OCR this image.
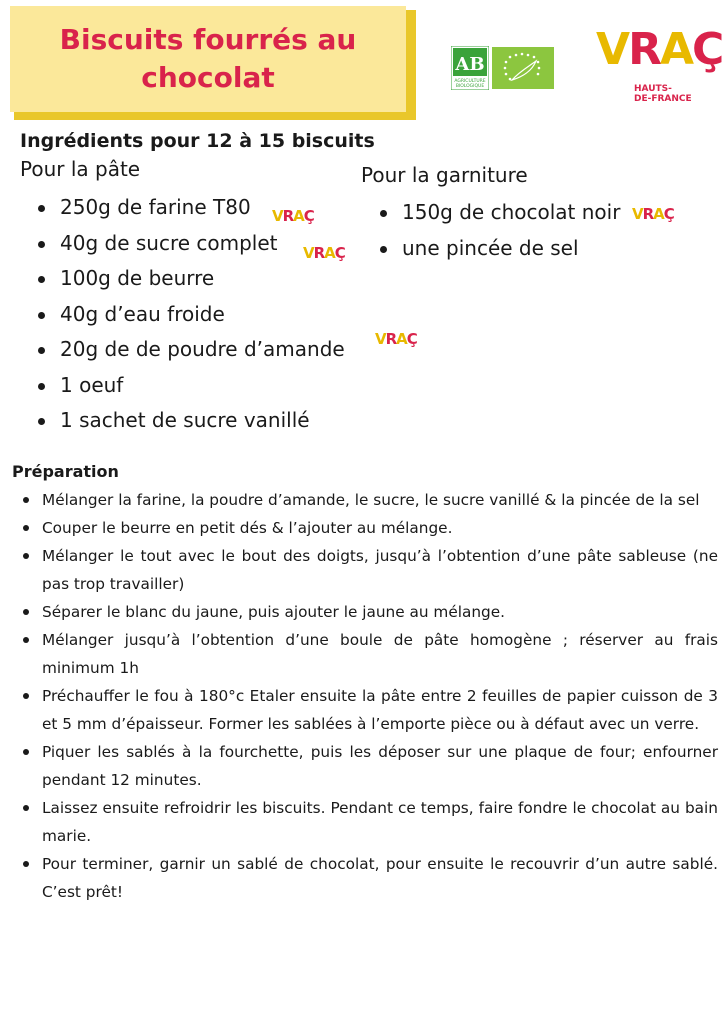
Biscuits fourrés au
chocolat	AB
AGRICULTURE
BIOLOGIQUE
VRAÇ
HAUTS-
DE-FRANCE
Ingrédients pour 12 à 15 biscuits
Pour la pâte
250g de farine T80
40g de sucre complet
100g de beurre
40g d’eau froide
20g de de poudre d’amande
1 oeuf
1 sachet de sucre vanillé
Pour la garniture
150g de chocolat noir
une pincée de sel
VRAÇ
VRAÇ
VRAÇ
VRAÇ
Préparation
Mélanger la farine, la poudre d’amande, le sucre, le sucre vanillé & la pincée de la sel
Couper le beurre en petit dés & l’ajouter au mélange.
Mélanger le tout avec le bout des doigts, jusqu’à l’obtention d’une pâte sableuse (ne pas trop travailler)
Séparer le blanc du jaune, puis ajouter le jaune au mélange.
Mélanger jusqu’à l’obtention d’une boule de pâte homogène ; réserver au frais minimum 1h
Préchauffer le fou à 180°c Etaler ensuite la pâte entre 2 feuilles de papier cuisson de 3 et 5 mm d’épaisseur. Former les sablées à l’emporte pièce ou à défaut avec un verre.
Piquer les sablés à la fourchette, puis les déposer sur une plaque de four; enfourner pendant 12 minutes.
Laissez ensuite refroidrir les biscuits. Pendant ce temps, faire fondre le chocolat au bain marie.
Pour terminer, garnir un sablé de chocolat, pour ensuite le recouvrir d’un autre sablé. C’est prêt!
